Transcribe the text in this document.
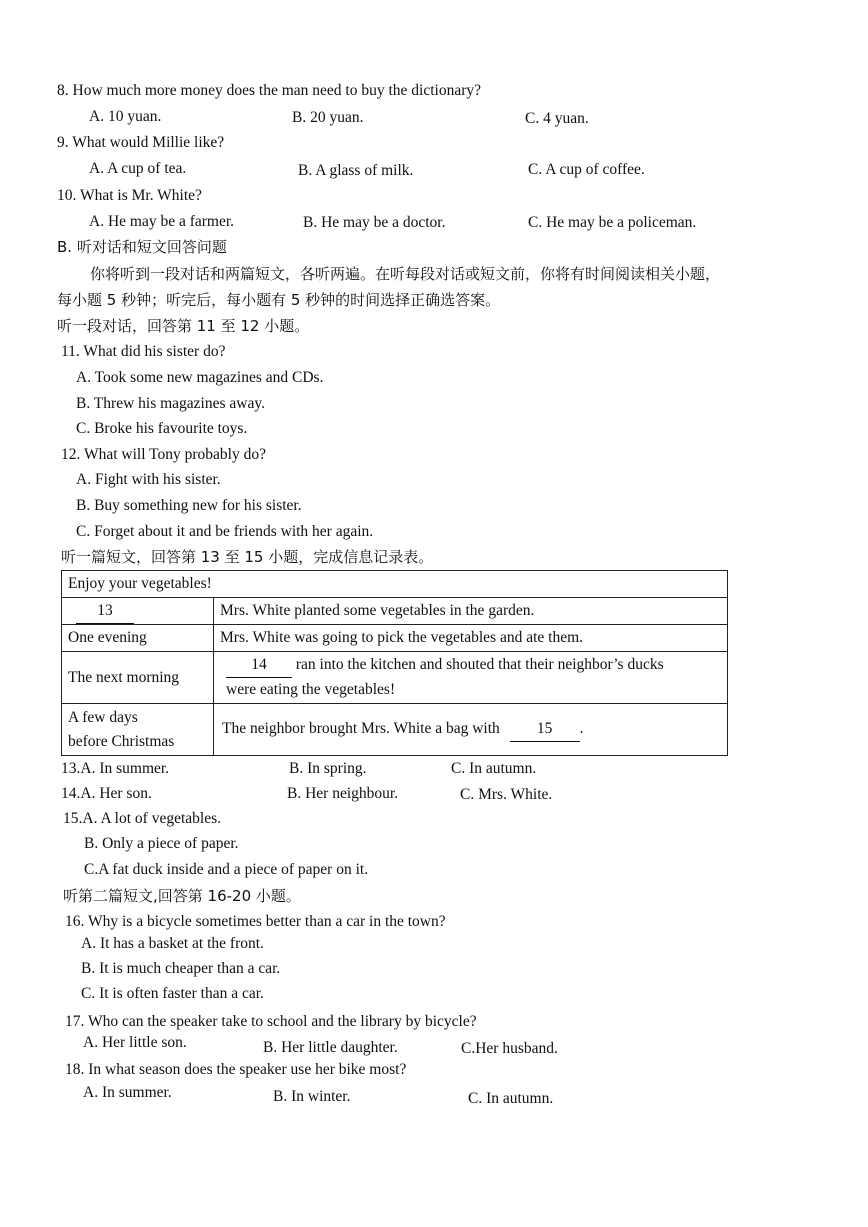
8. How much more money does the man need to buy the dictionary?
A. 10 yuan.	B. 20 yuan.	C. 4 yuan.
9. What would Millie like?
A. A cup of tea.	B. A glass of milk.	C. A cup of coffee.
10. What is Mr. White?
A. He may be a farmer.	B. He may be a doctor.	C. He may be a policeman.
B. 听对话和短文回答问题
你将听到一段对话和两篇短文，各听两遍。在听每段对话或短文前，你将有时间阅读相关小题，
每小题 5 秒钟；听完后，每小题有 5 秒钟的时间选择正确选答案。
听一段对话，回答第 11 至 12 小题。
11. What did his sister do?
A. Took some new magazines and CDs.
B. Threw his magazines away.
C. Broke his favourite toys.
12. What will Tony probably do?
A. Fight with his sister.
B. Buy something new for his sister.
C. Forget about it and be friends with her again.
听一篇短文，回答第 13 至 15 小题，完成信息记录表。
Enjoy your vegetables!	
13	Mrs. White planted some vegetables in the garden.
One evening	Mrs. White was going to pick the vegetables and ate them.
The next morning	14 ran into the kitchen and shouted that their neighbor’s ducks
were eating the vegetables!

A few days
before Christmas	The neighbor brought Mrs. White a bag with 15 .
13.A. In summer.	B. In spring.	C. In autumn.
14.A. Her son.	B. Her neighbour.	C. Mrs. White.
15.A. A lot of vegetables.
B. Only a piece of paper.
C.A fat duck inside and a piece of paper on it.
听第二篇短文,回答第 16-20 小题。
16. Why is a bicycle sometimes better than a car in the town?
A. It has a basket at the front.
B. It is much cheaper than a car.
C. It is often faster than a car.
17. Who can the speaker take to school and the library by bicycle?
A. Her little son.	B. Her little daughter.	C.Her husband.
18. In what season does the speaker use her bike most?
A. In summer.	B. In winter.	C. In autumn.
